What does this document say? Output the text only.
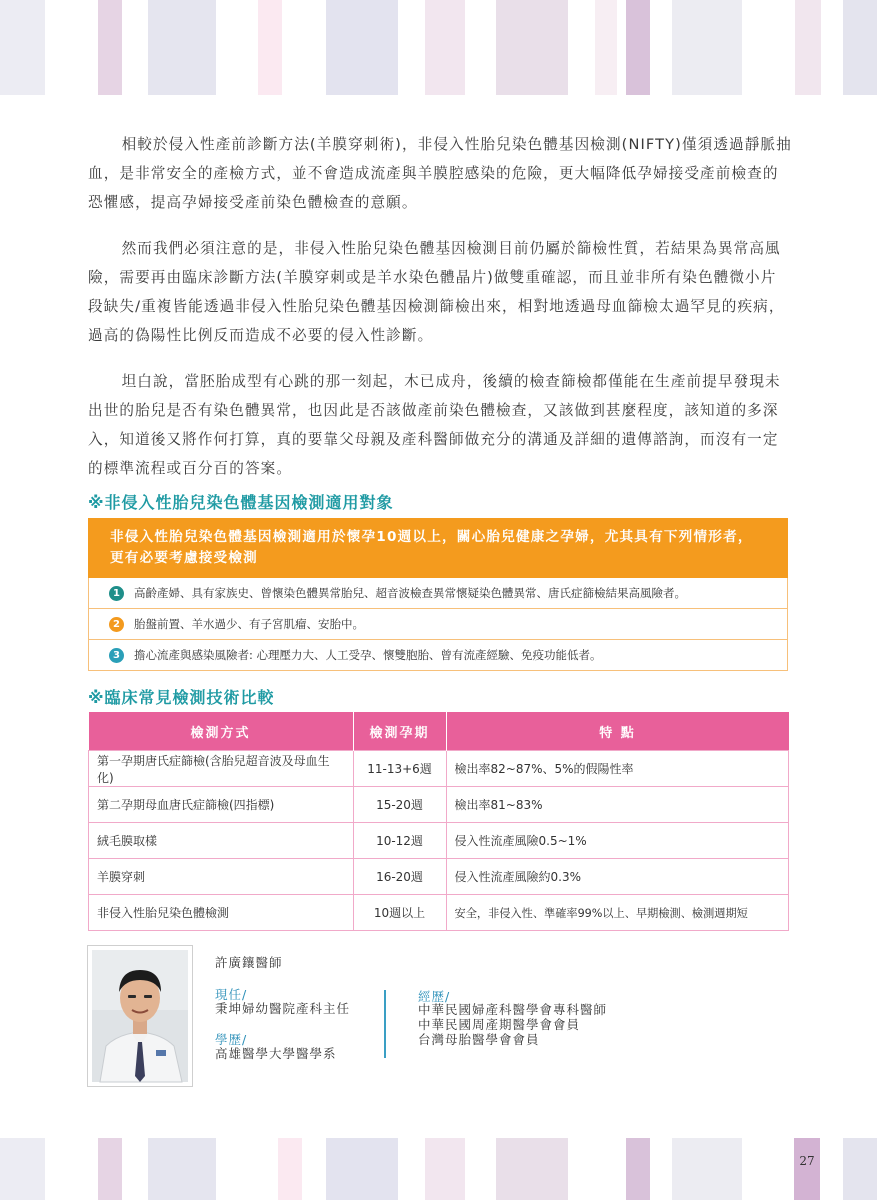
相較於侵入性產前診斷方法(羊膜穿刺術)，非侵入性胎兒染色體基因檢測(NIFTY)僅須透過靜脈抽血，是非常安全的產檢方式，並不會造成流產與羊膜腔感染的危險，更大幅降低孕婦接受產前檢查的恐懼感，提高孕婦接受產前染色體檢查的意願。

然而我們必須注意的是，非侵入性胎兒染色體基因檢測目前仍屬於篩檢性質，若結果為異常高風險，需要再由臨床診斷方法(羊膜穿刺或是羊水染色體晶片)做雙重確認，而且並非所有染色體微小片段缺失/重複皆能透過非侵入性胎兒染色體基因檢測篩檢出來，相對地透過母血篩檢太過罕見的疾病，過高的偽陽性比例反而造成不必要的侵入性診斷。

坦白說，當胚胎成型有心跳的那一刻起，木已成舟，後續的檢查篩檢都僅能在生產前提早發現未出世的胎兒是否有染色體異常，也因此是否該做產前染色體檢查，又該做到甚麼程度，該知道的多深入，知道後又將作何打算，真的要靠父母親及產科醫師做充分的溝通及詳細的遺傳諮詢，而沒有一定的標準流程或百分百的答案。

※非侵入性胎兒染色體基因檢測適用對象
非侵入性胎兒染色體基因檢測適用於懷孕10週以上，關心胎兒健康之孕婦，尤其具有下列情形者，更有必要考慮接受檢測
1	高齡產婦、具有家族史、曾懷染色體異常胎兒、超音波檢查異常懷疑染色體異常、唐氏症篩檢結果高風險者。
2	胎盤前置、羊水過少、有子宮肌瘤、安胎中。
3	擔心流產與感染風險者: 心理壓力大、人工受孕、懷雙胞胎、曾有流產經驗、免疫功能低者。
※臨床常見檢測技術比較
檢測方式	檢測孕期	特 點
第一孕期唐氏症篩檢(含胎兒超音波及母血生化)	11-13+6週	檢出率82~87%、5%的假陽性率
第二孕期母血唐氏症篩檢(四指標)	15-20週	檢出率81~83%
絨毛膜取樣	10-12週	侵入性流產風險0.5~1%
羊膜穿刺	16-20週	侵入性流產風險約0.3%
非侵入性胎兒染色體檢測	10週以上	安全，非侵入性、準確率99%以上、早期檢測、檢測週期短
許廣鑲醫師
現任/
秉坤婦幼醫院產科主任
學歷/
高雄醫學大學醫學系
經歷/
中華民國婦產科醫學會專科醫師
中華民國周產期醫學會會員
台灣母胎醫學會會員
27
